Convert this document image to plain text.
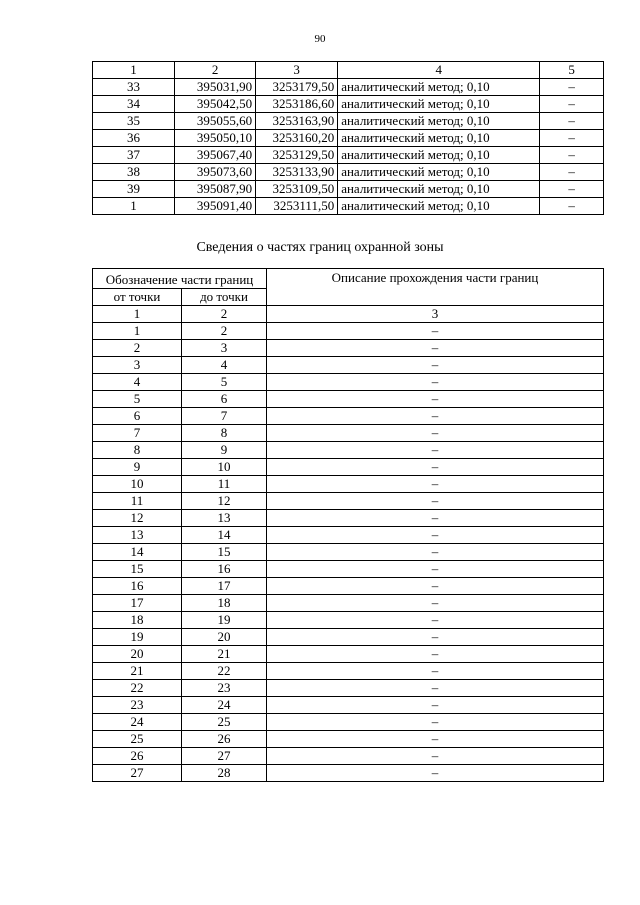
90
1	2	3	4	5
33	395031,90	3253179,50	аналитический метод; 0,10	–
34	395042,50	3253186,60	аналитический метод; 0,10	–
35	395055,60	3253163,90	аналитический метод; 0,10	–
36	395050,10	3253160,20	аналитический метод; 0,10	–
37	395067,40	3253129,50	аналитический метод; 0,10	–
38	395073,60	3253133,90	аналитический метод; 0,10	–
39	395087,90	3253109,50	аналитический метод; 0,10	–
1	395091,40	3253111,50	аналитический метод; 0,10	–
Сведения о частях границ охранной зоны
Обозначение части границ		Описание прохождения части границ
от точки	до точки	
1	2	3
1	2	–
2	3	–
3	4	–
4	5	–
5	6	–
6	7	–
7	8	–
8	9	–
9	10	–
10	11	–
11	12	–
12	13	–
13	14	–
14	15	–
15	16	–
16	17	–
17	18	–
18	19	–
19	20	–
20	21	–
21	22	–
22	23	–
23	24	–
24	25	–
25	26	–
26	27	–
27	28	–
